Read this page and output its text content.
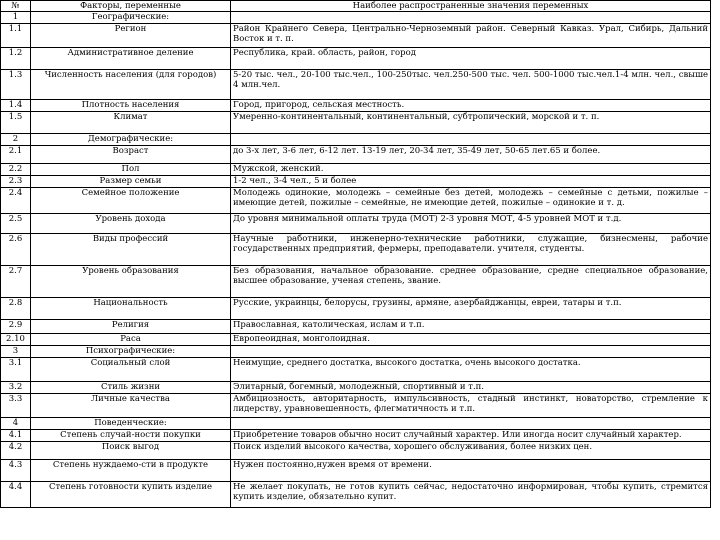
№	Факторы, переменные	Наиболее распространенные значения переменных
1	Географические:	
1.1	Регион	Район Крайнего Севера, Центрально-Черноземный район. Северный Кавказ. Урал, Сибирь, Дальний Восток и т. п.
1.2	Административное деление	Республика, край. область, район, город
1.3	Численность населения (для городов)	5-20 тыс. чел., 20-100 тыс.чел., 100-250тыс. чел.250-500 тыс. чел. 500-1000 тыс.чел.1-4 млн. чел., свыше 4 млн.чел.
1.4	Плотность населения	Город, пригород, сельская местность.
1.5	Климат	Умеренно-континентальный, континентальный, субтропический, морской и т. п.
2	Демографические:	
2.1	Возраст	до 3-х лет, 3-6 лет, 6-12 лет. 13-19 лет, 20-34 лет, 35-49 лет, 50-65 лет.65 и более.
2.2	Пол	Мужской, женский.
2.3	Размер семьи	1-2 чел., 3-4 чел., 5 и более
2.4	Семейное положение	Молодежь одинокие, молодежь – семейные без детей, молодежь – семейные с детьми, пожилые – имеющие детей, пожилые – семейные, не имеющие детей, пожилые – одинокие и т. д.
2.5	Уровень дохода	До уровня минимальной оплаты труда (МОТ) 2-3 уровня МОТ, 4-5 уровней МОТ и т.д.
2.6	Виды профессий	Научные работники, инженерно-технические работники, служащие, бизнесмены, рабочие государственных предприятий, фермеры, преподаватели. учителя, студенты.
2.7	Уровень образования	Без образования, начальное образование. среднее образование, средне специальное образование, высшее образование, ученая степень, звание.
2.8	Национальность	Русские, украинцы, белорусы, грузины, армяне, азербайджанцы, евреи, татары и т.п.
2.9	Религия	Православная, католическая, ислам и т.п.
2.10	Раса	Европеоидная, монголоидная.
3	Психографические:	
3.1	Социальный слой	Неимущие, среднего достатка, высокого достатка, очень высокого достатка.
3.2	Стиль жизни	Элитарный, богемный, молодежный, спортивный и т.п.
3.3	Личные качества	Амбициозность, авторитарность, импульсивность, стадный инстинкт, новаторство, стремление к лидерству, уравновешенность, флегматичность и т.п.
4	Поведенческие:	
4.1	Степень случай-ности покупки	Приобретение товаров обычно носит случайный характер. Или иногда носит случайный характер.
4.2	Поиск выгод	Поиск изделий высокого качества, хорошего обслуживания, более низких цен.
4.3	Степень нуждаемо-сти в продукте	Нужен постоянно,нужен время от времени.
4.4	Степень готовности купить изделие	Не желает покупать, не готов купить сейчас, недостаточно информирован, чтобы купить, стремится купить изделие, обязательно купит.
